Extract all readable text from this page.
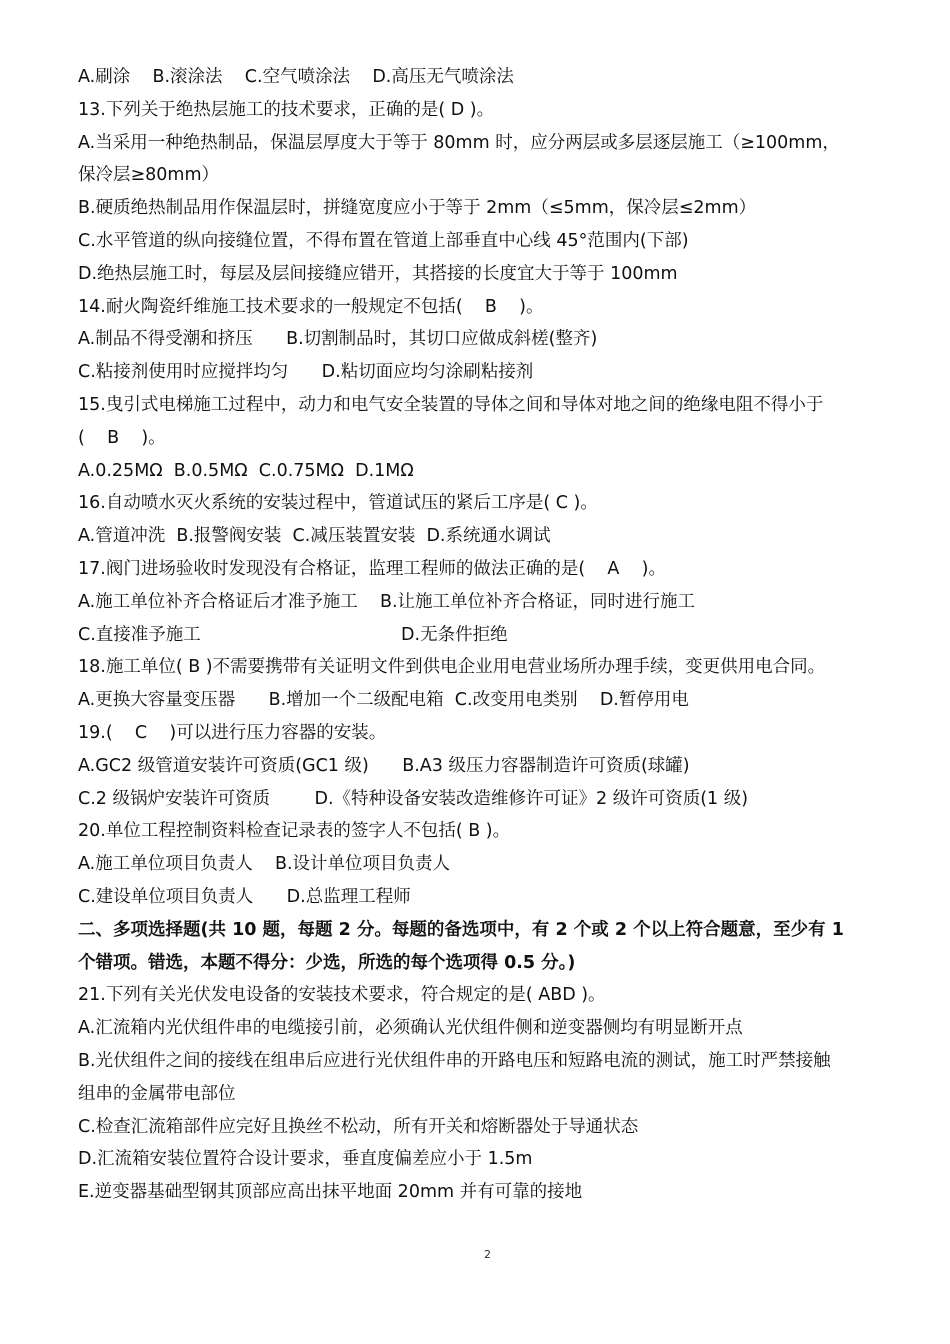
A.刷涂    B.滚涂法    C.空气喷涂法    D.高压无气喷涂法
13.下列关于绝热层施工的技术要求，正确的是( D )。
A.当采用一种绝热制品，保温层厚度大于等于 80mm 时，应分两层或多层逐层施工（≥100mm，
保冷层≥80mm）
B.硬质绝热制品用作保温层时，拼缝宽度应小于等于 2mm（≤5mm，保冷层≤2mm）
C.水平管道的纵向接缝位置，不得布置在管道上部垂直中心线 45°范围内(下部)
D.绝热层施工时，每层及层间接缝应错开，其搭接的长度宜大于等于 100mm
14.耐火陶瓷纤维施工技术要求的一般规定不包括(    B    )。
A.制品不得受潮和挤压      B.切割制品时，其切口应做成斜槎(整齐)
C.粘接剂使用时应搅拌均匀      D.粘切面应均匀涂刷粘接剂
15.曳引式电梯施工过程中，动力和电气安全装置的导体之间和导体对地之间的绝缘电阻不得小于
(    B    )。
A.0.25MΩ  B.0.5MΩ  C.0.75MΩ  D.1MΩ
16.自动喷水灭火系统的安装过程中，管道试压的紧后工序是( C )。
A.管道冲洗  B.报警阀安装  C.减压装置安装  D.系统通水调试
17.阀门进场验收时发现没有合格证，监理工程师的做法正确的是(    A    )。
A.施工单位补齐合格证后才准予施工    B.让施工单位补齐合格证，同时进行施工
C.直接准予施工                                    D.无条件拒绝
18.施工单位( B )不需要携带有关证明文件到供电企业用电营业场所办理手续，变更供用电合同。
A.更换大容量变压器      B.增加一个二级配电箱  C.改变用电类别    D.暂停用电
19.(    C    )可以进行压力容器的安装。
A.GC2 级管道安装许可资质(GC1 级)      B.A3 级压力容器制造许可资质(球罐)
C.2 级锅炉安装许可资质        D.《特种设备安装改造维修许可证》2 级许可资质(1 级)
20.单位工程控制资料检查记录表的签字人不包括( B )。
A.施工单位项目负责人    B.设计单位项目负责人
C.建设单位项目负责人      D.总监理工程师
二、多项选择题(共 10 题，每题 2 分。每题的备选项中，有 2 个或 2 个以上符合题意，至少有 1
个错项。错选，本题不得分：少选，所选的每个选项得 0.5 分。)
21.下列有关光伏发电设备的安装技术要求，符合规定的是( ABD )。
A.汇流箱内光伏组件串的电缆接引前，必须确认光伏组件侧和逆变器侧均有明显断开点
B.光伏组件之间的接线在组串后应进行光伏组件串的开路电压和短路电流的测试，施工时严禁接触
组串的金属带电部位
C.检查汇流箱部件应完好且换丝不松动，所有开关和熔断器处于导通状态
D.汇流箱安装位置符合设计要求，垂直度偏差应小于 1.5m
E.逆变器基础型钢其顶部应高出抹平地面 20mm 并有可靠的接地
2
